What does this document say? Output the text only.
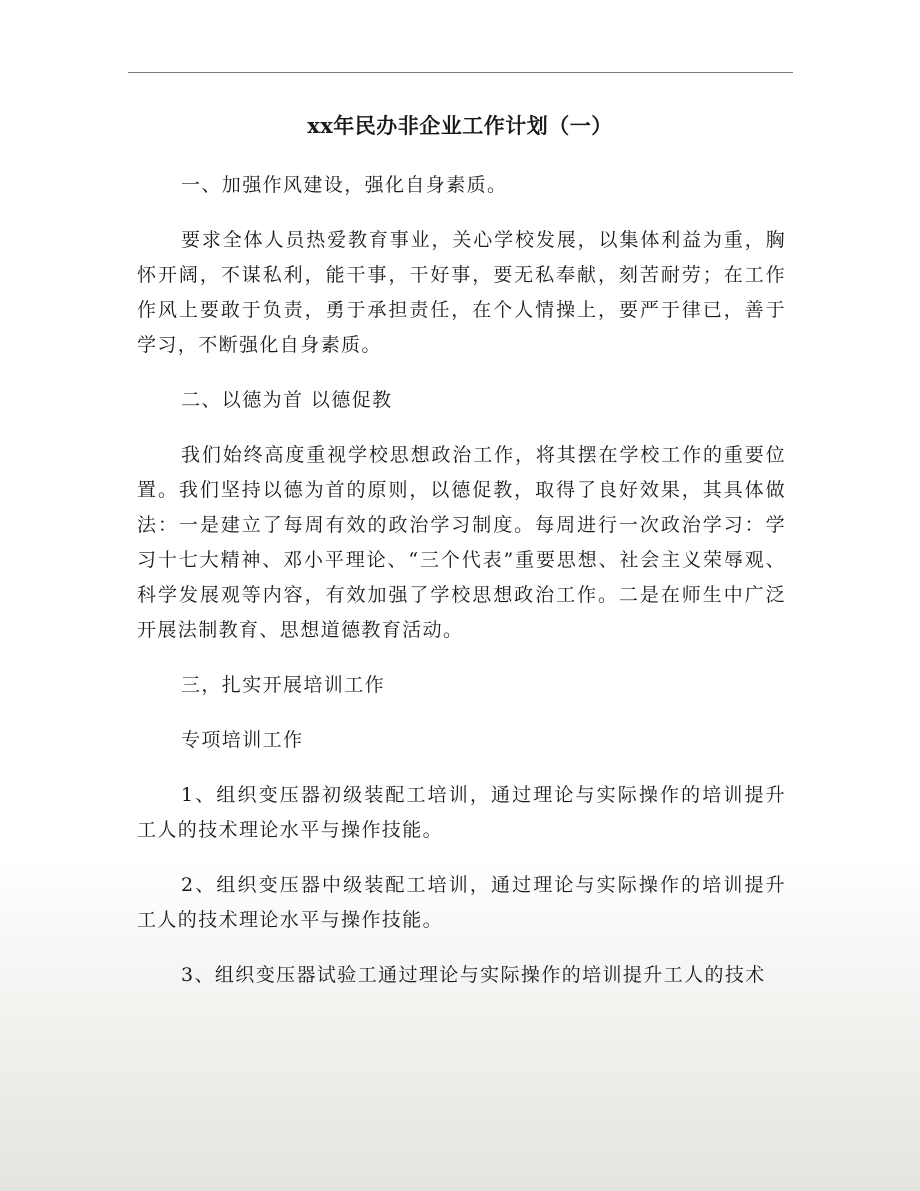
xx年民办非企业工作计划（一）

一、加强作风建设，强化自身素质。

要求全体人员热爱教育事业，关心学校发展，以集体利益为重，胸怀开阔，不谋私利，能干事，干好事，要无私奉献，刻苦耐劳；在工作作风上要敢于负责，勇于承担责任，在个人情操上，要严于律已，善于学习，不断强化自身素质。

二、以德为首 以德促教

我们始终高度重视学校思想政治工作，将其摆在学校工作的重要位置。我们坚持以德为首的原则，以德促教，取得了良好效果，其具体做法：一是建立了每周有效的政治学习制度。每周进行一次政治学习：学习十七大精神、邓小平理论、“三个代表”重要思想、社会主义荣辱观、科学发展观等内容，有效加强了学校思想政治工作。二是在师生中广泛开展法制教育、思想道德教育活动。

三，扎实开展培训工作

专项培训工作

1、组织变压器初级装配工培训，通过理论与实际操作的培训提升工人的技术理论水平与操作技能。

2、组织变压器中级装配工培训，通过理论与实际操作的培训提升工人的技术理论水平与操作技能。

3、组织变压器试验工通过理论与实际操作的培训提升工人的技术
